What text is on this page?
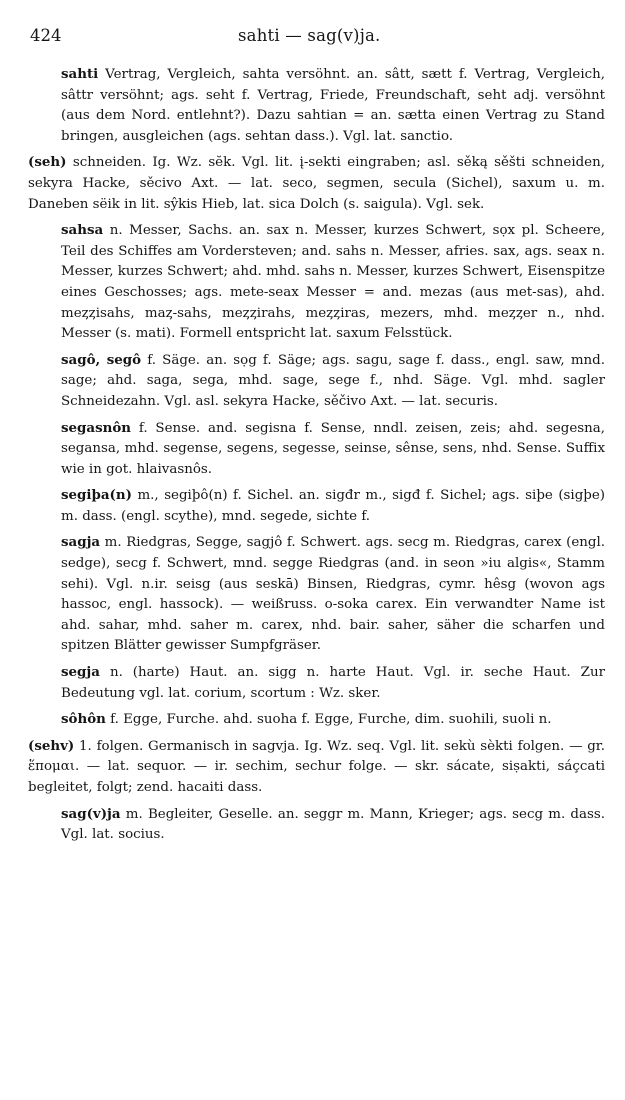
424	sahti — sag(v)ja.

sahti Vertrag, Vergleich, sahta versöhnt. an. sâtt, sætt f. Vertrag, Vergleich, sâttr versöhnt; ags. seht f. Vertrag, Friede, Freundschaft, seht adj. versöhnt (aus dem Nord. entlehnt?). Dazu sahtian = an. sætta einen Vertrag zu Stand bringen, ausgleichen (ags. sehtan dass.). Vgl. lat. sanctio.

(seh) schneiden. Ig. Wz. sĕk. Vgl. lit. į-sekti eingraben; asl. sěką sěšti schneiden, sekyra Hacke, sěcivo Axt. — lat. seco, segmen, secula (Sichel), saxum u. m. Daneben sëik in lit. sŷkis Hieb, lat. sica Dolch (s. saigula). Vgl. sek.

sahsa n. Messer, Sachs. an. sax n. Messer, kurzes Schwert, sọx pl. Scheere, Teil des Schiffes am Vordersteven; and. sahs n. Messer, afries. sax, ags. seax n. Messer, kurzes Schwert; ahd. mhd. sahs n. Messer, kurzes Schwert, Eisenspitze eines Geschosses; ags. mete-seax Messer = and. mezas (aus met-sas), ahd. meȥȥisahs, maȥ-sahs, meȥȥirahs, meȥȥiras, mezers, mhd. meȥȥer n., nhd. Messer (s. mati). Formell entspricht lat. saxum Felsstück.

sagô, segô f. Säge. an. sọg f. Säge; ags. sagu, sage f. dass., engl. saw, mnd. sage; ahd. saga, sega, mhd. sage, sege f., nhd. Säge. Vgl. mhd. sagler Schneidezahn. Vgl. asl. sekyra Hacke, sěčivo Axt. — lat. securis.

segasnôn f. Sense. and. segisna f. Sense, nndl. zeisen, zeis; ahd. segesna, segansa, mhd. segense, segens, segesse, seinse, sênse, sens, nhd. Sense. Suffix wie in got. hlaivasnôs.

segiþa(n) m., segiþô(n) f. Sichel. an. sigđr m., sigđ f. Sichel; ags. siþe (sigþe) m. dass. (engl. scythe), mnd. segede, sichte f.

sagja m. Riedgras, Segge, sagjô f. Schwert. ags. secg m. Riedgras, carex (engl. sedge), secg f. Schwert, mnd. segge Riedgras (and. in seon »iu algis«, Stamm sehi). Vgl. n.ir. seisg (aus seskā) Binsen, Riedgras, cymr. hêsg (wovon ags hassoc, engl. hassock). — weißruss. o-soka carex. Ein verwandter Name ist ahd. sahar, mhd. saher m. carex, nhd. bair. saher, säher die scharfen und spitzen Blätter gewisser Sumpfgräser.

segja n. (harte) Haut. an. sigg n. harte Haut. Vgl. ir. seche Haut. Zur Bedeutung vgl. lat. corium, scortum : Wz. sker.

sôhôn f. Egge, Furche. ahd. suoha f. Egge, Furche, dim. suohili, suoli n.

(sehv) 1. folgen. Germanisch in sagvja. Ig. Wz. seq. Vgl. lit. sekù sèkti folgen. — gr. ἕπομαι. — lat. sequor. — ir. sechim, sechur folge. — skr. sácate, siṣakti, sáçcati begleitet, folgt; zend. hacaiti dass.

sag(v)ja m. Begleiter, Geselle. an. seggr m. Mann, Krieger; ags. secg m. dass. Vgl. lat. socius.
